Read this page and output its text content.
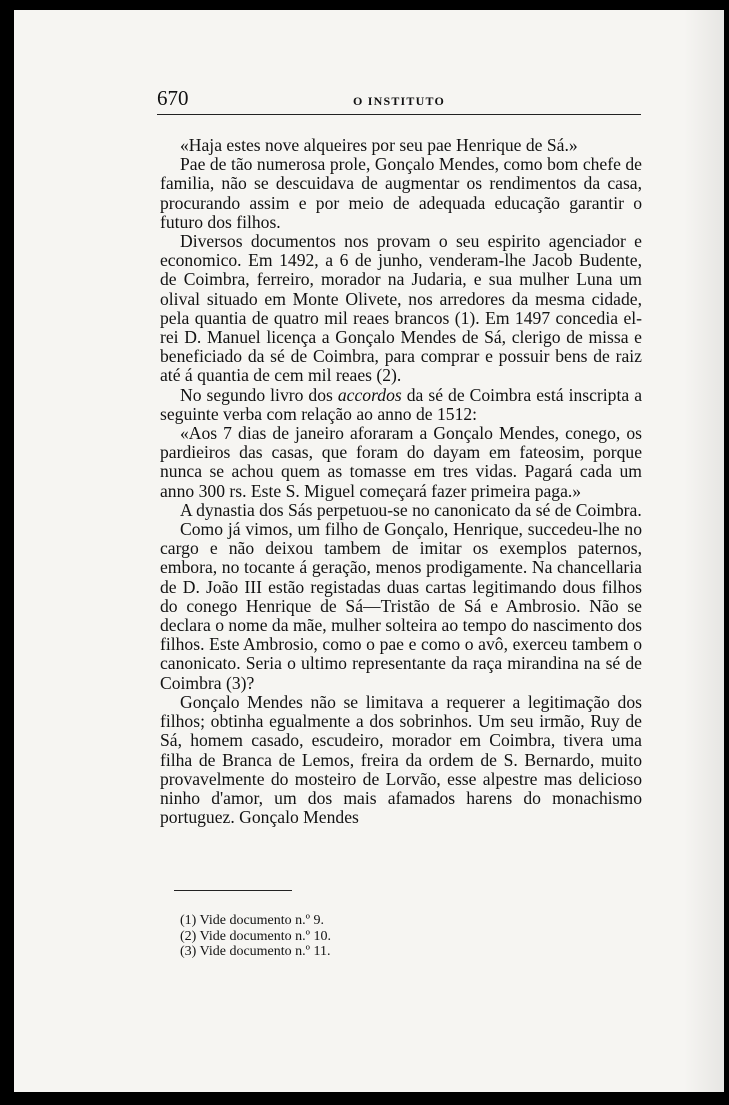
670	O INSTITUTO

«Haja estes nove alqueires por seu pae Henrique de Sá.»

Pae de tão numerosa prole, Gonçalo Mendes, como bom chefe de familia, não se descuidava de augmentar os rendimentos da casa, procurando assim e por meio de adequada educação garantir o futuro dos filhos.

Diversos documentos nos provam o seu espirito agenciador e economico. Em 1492, a 6 de junho, venderam-lhe Jacob Budente, de Coimbra, ferreiro, morador na Judaria, e sua mulher Luna um olival situado em Monte Olivete, nos arredores da mesma cidade, pela quantia de quatro mil reaes brancos (1). Em 1497 concedia el-rei D. Manuel licença a Gonçalo Mendes de Sá, clerigo de missa e beneficiado da sé de Coimbra, para comprar e possuir bens de raiz até á quantia de cem mil reaes (2).

No segundo livro dos accordos da sé de Coimbra está inscripta a seguinte verba com relação ao anno de 1512:

«Aos 7 dias de janeiro aforaram a Gonçalo Mendes, conego, os pardieiros das casas, que foram do dayam em fateosim, porque nunca se achou quem as tomasse em tres vidas. Pagará cada um anno 300 rs. Este S. Miguel começará fazer primeira paga.»

A dynastia dos Sás perpetuou-se no canonicato da sé de Coimbra.

Como já vimos, um filho de Gonçalo, Henrique, succedeu-lhe no cargo e não deixou tambem de imitar os exemplos paternos, embora, no tocante á geração, menos prodigamente. Na chancellaria de D. João III estão registadas duas cartas legitimando dous filhos do conego Henrique de Sá—Tristão de Sá e Ambrosio. Não se declara o nome da mãe, mulher solteira ao tempo do nascimento dos filhos. Este Ambrosio, como o pae e como o avô, exerceu tambem o canonicato. Seria o ultimo representante da raça mirandina na sé de Coimbra (3)?

Gonçalo Mendes não se limitava a requerer a legitimação dos filhos; obtinha egualmente a dos sobrinhos. Um seu irmão, Ruy de Sá, homem casado, escudeiro, morador em Coimbra, tivera uma filha de Branca de Lemos, freira da ordem de S. Bernardo, muito provavelmente do mosteiro de Lorvão, esse alpestre mas delicioso ninho d'amor, um dos mais afamados harens do monachismo portuguez. Gonçalo Mendes

(1) Vide documento n.º 9.

(2) Vide documento n.º 10.

(3) Vide documento n.º 11.
